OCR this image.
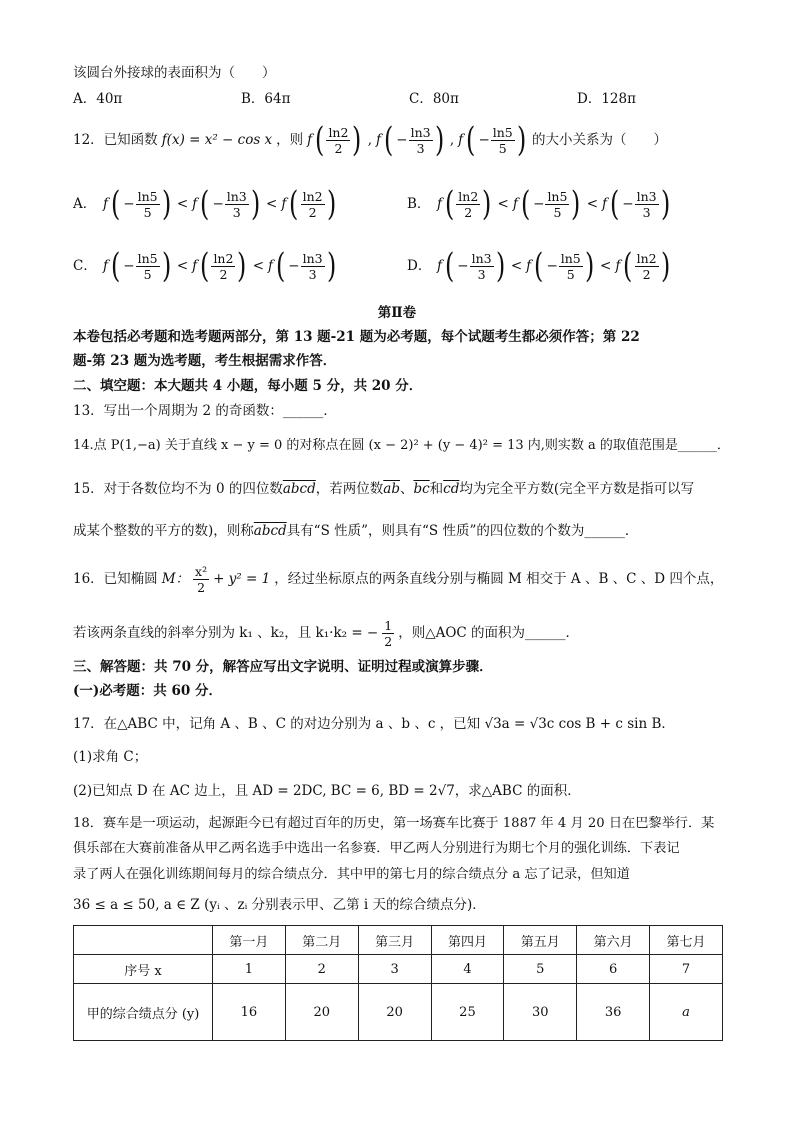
该圆台外接球的表面积为（　　）
A．40π	B．64π	C．80π	D．128π
12．已知函数 f(x) = x² − cos x ，则 f ( $\frac{\ln 2}{2}$ ) , f ( − $\frac{\ln 3}{3}$ ) , f ( − $\frac{\ln 5}{5}$ ) 的大小关系为（　　）
A． f ( − $\frac{\ln 5}{5}$ ) < f ( − $\frac{\ln 3}{3}$ ) < f ( $\frac{\ln 2}{2}$ )	B． f ( $\frac{\ln 2}{2}$ ) < f ( − $\frac{\ln 5}{5}$ ) < f ( − $\frac{\ln 3}{3}$ )
C． f ( − $\frac{\ln 5}{5}$ ) < f ( $\frac{\ln 2}{2}$ ) < f ( − $\frac{\ln 3}{3}$ )	D． f ( − $\frac{\ln 3}{3}$ ) < f ( − $\frac{\ln 5}{5}$ ) < f ( $\frac{\ln 2}{2}$ )
第Ⅱ卷
本卷包括必考题和选考题两部分，第 13 题-21 题为必考题，每个试题考生都必须作答；第 22
题-第 23 题为选考题，考生根据需求作答．
二、填空题：本大题共 4 小题，每小题 5 分，共 20 分．
13．写出一个周期为 2 的奇函数：______．
14.点 P(1,−a) 关于直线 x − y = 0 的对称点在圆 (x − 2)² + (y − 4)² = 13 内,则实数 a 的取值范围是______．
15．对于各数位均不为 0 的四位数abcd，若两位数$\overline{ab}$、$\overline{bc}$和$\overline{cd}$均为完全平方数(完全平方数是指可以写
成某个整数的平方的数)，则称abcd具有“S 性质”，则具有“S 性质”的四位数的个数为______．
16．已知椭圆 M： $\frac{\text{x²}}{2} + y^2 = 1$ ，经过坐标原点的两条直线分别与椭圆 M 相交于 A 、B 、C 、D 四个点，
若该两条直线的斜率分别为 k₁ 、k₂，且 k₁·k₂ = − $\frac{1}{2}$ ，则△AOC 的面积为______．
三、解答题：共 70 分，解答应写出文字说明、证明过程或演算步骤．
(一)必考题：共 60 分．
17．在△ABC 中，记角 A 、B 、C 的对边分别为 a 、b 、c ，已知 √3a = √3c cos B + c sin B．
(1)求角 C；
(2)已知点 D 在 AC 边上，且 AD = 2DC, BC = 6, BD = 2√7，求△ABC 的面积．
18．赛车是一项运动，起源距今已有超过百年的历史，第一场赛车比赛于 1887 年 4 月 20 日在巴黎举行．某
俱乐部在大赛前准备从甲乙两名选手中选出一名参赛．甲乙两人分别进行为期七个月的强化训练．下表记
录了两人在强化训练期间每月的综合绩点分．其中甲的第七月的综合绩点分 a 忘了记录，但知道
36 ≤ a ≤ 50, a ∈ Z (yᵢ 、zᵢ 分别表示甲、乙第 i 天的综合绩点分)．
	第一月	第二月	第三月	第四月	第五月	第六月	第七月
序号 x	1	2	3	4	5	6	7
甲的综合绩点分 (y)	16	20	20	25	30	36	a
